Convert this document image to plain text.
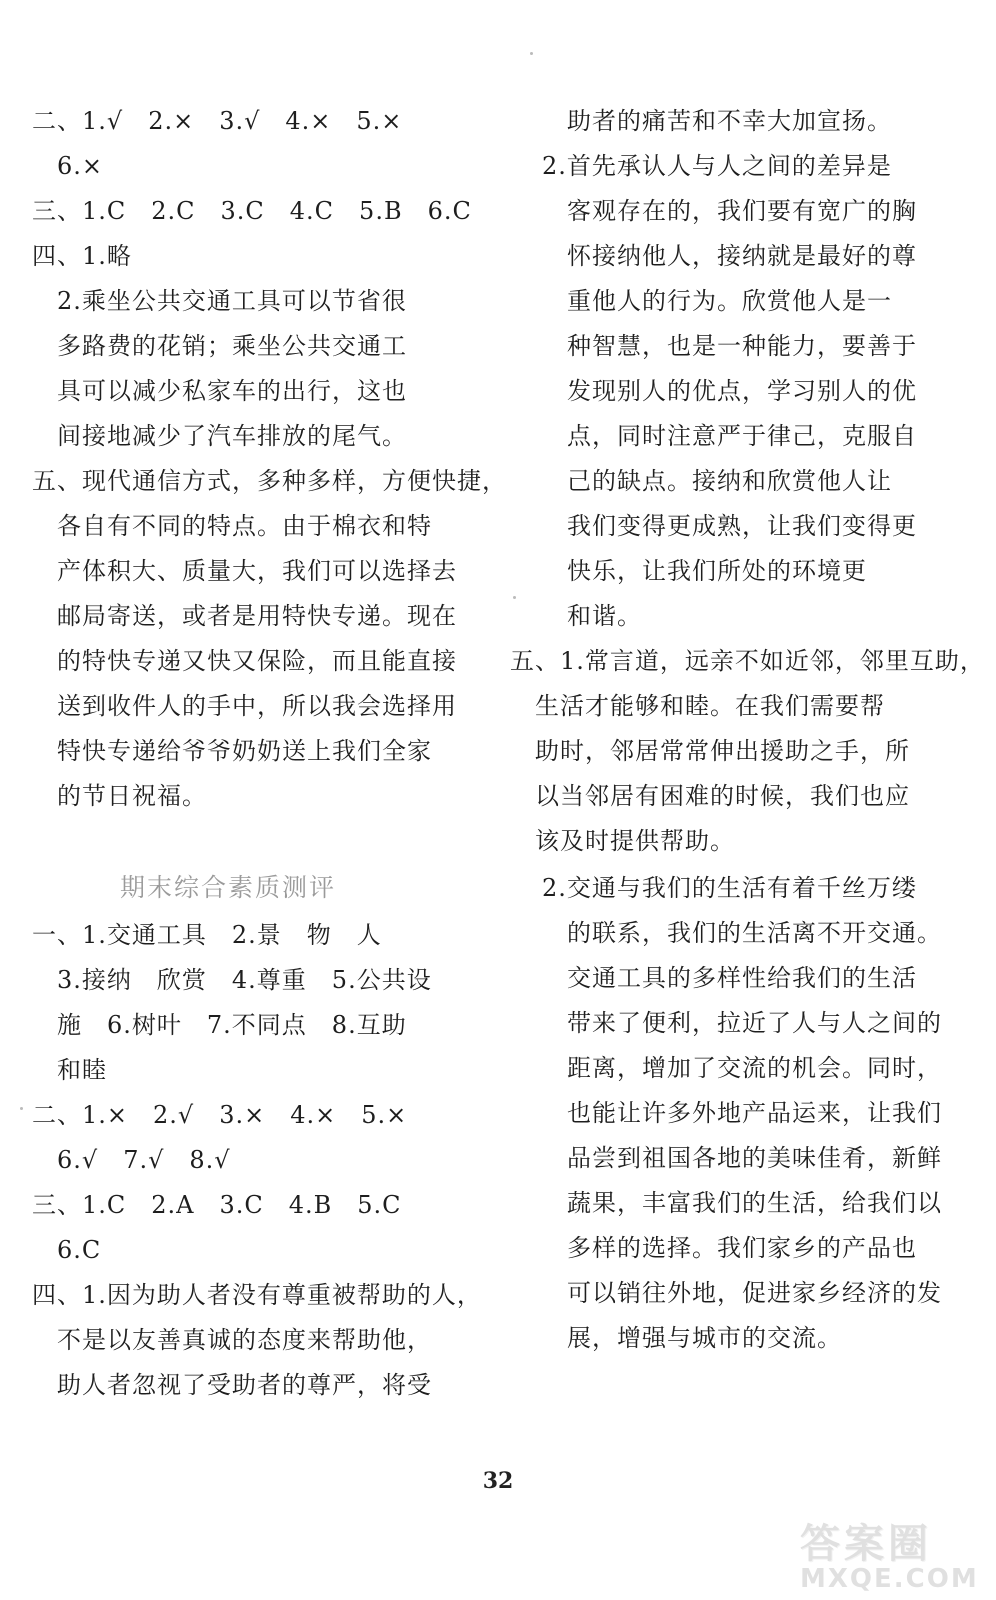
二、1.√　2.×　3.√　4.×　5.×
　6.×
三、1.C　2.C　3.C　4.C　5.B　6.C
四、1.略
　2.乘坐公共交通工具可以节省很
　多路费的花销；乘坐公共交通工
　具可以减少私家车的出行，这也
　间接地减少了汽车排放的尾气。
五、现代通信方式，多种多样，方便快捷，
　各自有不同的特点。由于棉衣和特
　产体积大、质量大，我们可以选择去
　邮局寄送，或者是用特快专递。现在
　的特快专递又快又保险，而且能直接
　送到收件人的手中，所以我会选择用
　特快专递给爷爷奶奶送上我们全家
　的节日祝福。
期末综合素质测评
一、1.交通工具　2.景　物　人
　3.接纳　欣赏　4.尊重　5.公共设
　施　6.树叶　7.不同点　8.互助
　和睦
二、1.×　2.√　3.×　4.×　5.×
　6.√　7.√　8.√
三、1.C　2.A　3.C　4.B　5.C
　6.C
四、1.因为助人者没有尊重被帮助的人，
　不是以友善真诚的态度来帮助他，
　助人者忽视了受助者的尊严，将受
　助者的痛苦和不幸大加宣扬。
2.首先承认人与人之间的差异是
　客观存在的，我们要有宽广的胸
　怀接纳他人，接纳就是最好的尊
　重他人的行为。欣赏他人是一
　种智慧，也是一种能力，要善于
　发现别人的优点，学习别人的优
　点，同时注意严于律己，克服自
　己的缺点。接纳和欣赏他人让
　我们变得更成熟，让我们变得更
　快乐，让我们所处的环境更
　和谐。
五、1.常言道，远亲不如近邻，邻里互助，
　生活才能够和睦。在我们需要帮
　助时，邻居常常伸出援助之手，所
　以当邻居有困难的时候，我们也应
　该及时提供帮助。
2.交通与我们的生活有着千丝万缕
　的联系，我们的生活离不开交通。
　交通工具的多样性给我们的生活
　带来了便利，拉近了人与人之间的
　距离，增加了交流的机会。同时，
　也能让许多外地产品运来，让我们
　品尝到祖国各地的美味佳肴，新鲜
　蔬果，丰富我们的生活，给我们以
　多样的选择。我们家乡的产品也
　可以销往外地，促进家乡经济的发
　展，增强与城市的交流。
32
答案圈
MXQE.COM
